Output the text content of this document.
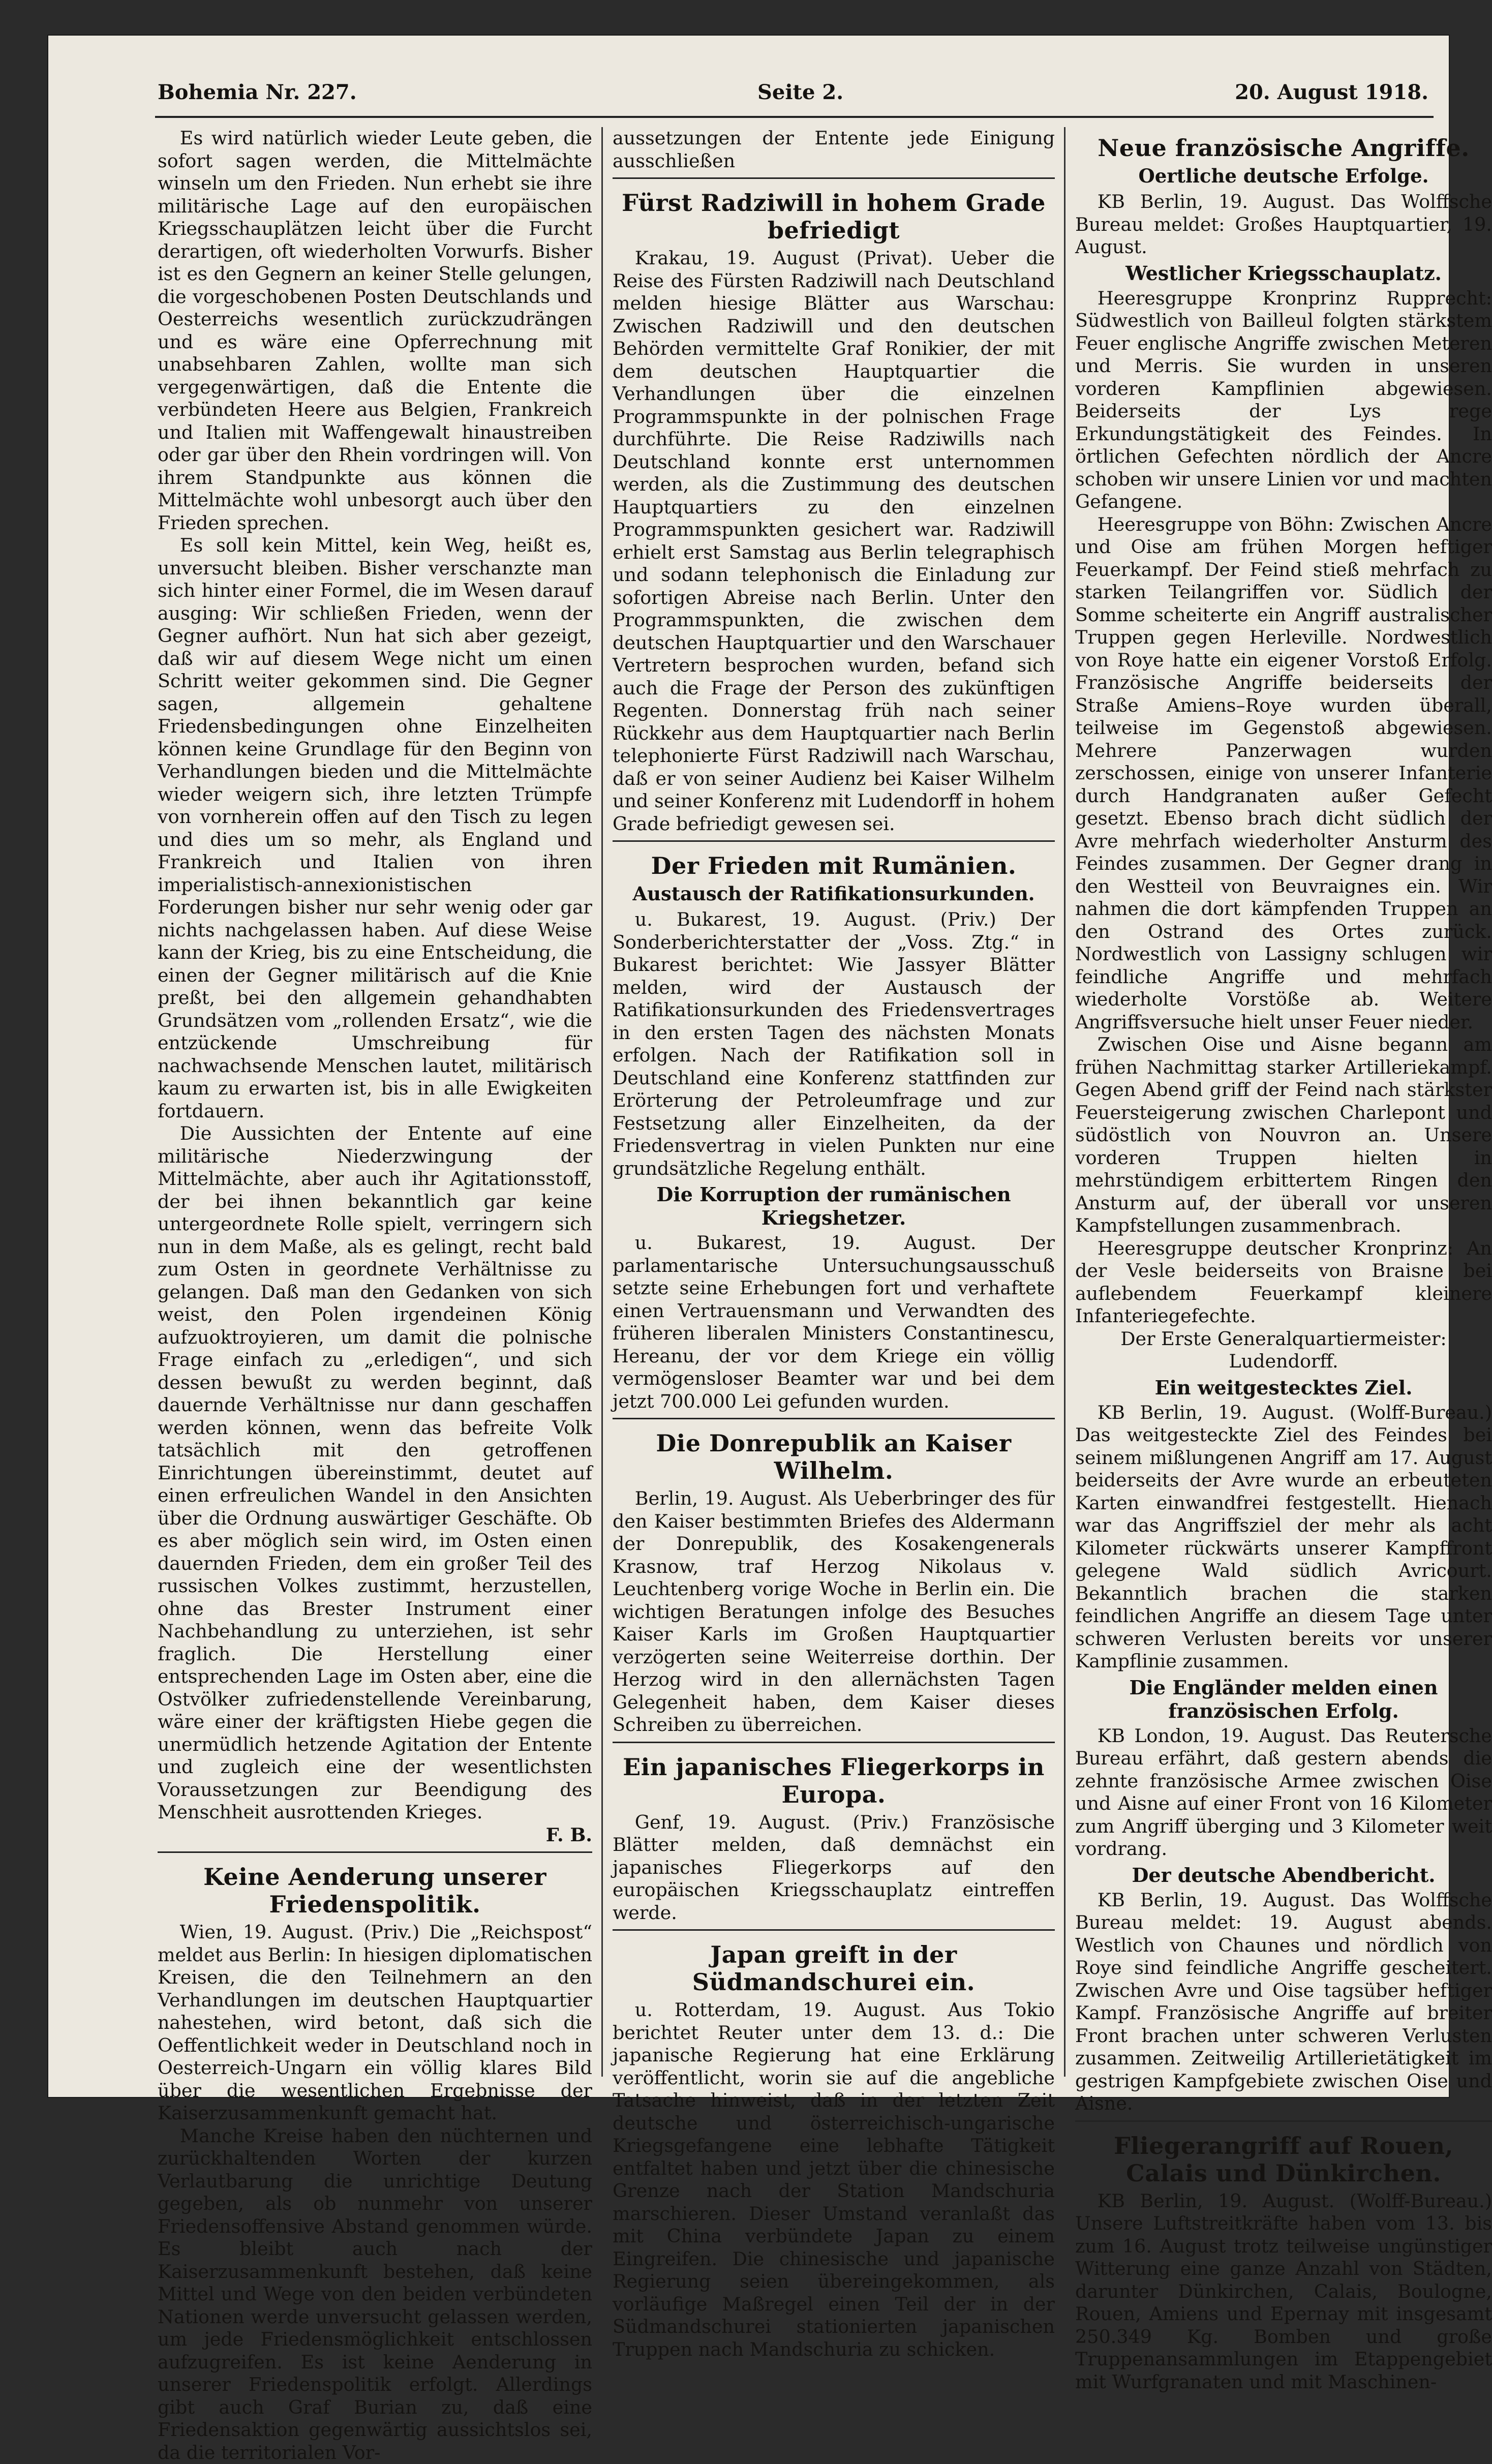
Bohemia Nr. 227.	Seite 2.	20. August 1918.

Es wird natürlich wieder Leute geben, die sofort sagen werden, die Mittelmächte winseln um den Frieden. Nun erhebt sie ihre militärische Lage auf den europäischen Kriegsschauplätzen leicht über die Furcht derartigen, oft wiederholten Vorwurfs. Bisher ist es den Gegnern an keiner Stelle gelungen, die vorgeschobenen Posten Deutschlands und Oesterreichs wesentlich zurückzudrängen und es wäre eine Opferrechnung mit unabsehbaren Zahlen, wollte man sich vergegenwärtigen, daß die Entente die verbündeten Heere aus Belgien, Frankreich und Italien mit Waffengewalt hinaustreiben oder gar über den Rhein vordringen will. Von ihrem Standpunkte aus können die Mittelmächte wohl unbesorgt auch über den Frieden sprechen.

Es soll kein Mittel, kein Weg, heißt es, unversucht bleiben. Bisher verschanzte man sich hinter einer Formel, die im Wesen darauf ausging: Wir schließen Frieden, wenn der Gegner aufhört. Nun hat sich aber gezeigt, daß wir auf diesem Wege nicht um einen Schritt weiter gekommen sind. Die Gegner sagen, allgemein gehaltene Friedensbedingungen ohne Einzelheiten können keine Grundlage für den Beginn von Verhandlungen bieden und die Mittelmächte wieder weigern sich, ihre letzten Trümpfe von vornherein offen auf den Tisch zu legen und dies um so mehr, als England und Frankreich und Italien von ihren imperialistisch-annexionistischen Forderungen bisher nur sehr wenig oder gar nichts nachgelassen haben. Auf diese Weise kann der Krieg, bis zu eine Entscheidung, die einen der Gegner militärisch auf die Knie preßt, bei den allgemein gehandhabten Grundsätzen vom „rollenden Ersatz“, wie die entzückende Umschreibung für nachwachsende Menschen lautet, militärisch kaum zu erwarten ist, bis in alle Ewigkeiten fortdauern.

Die Aussichten der Entente auf eine militärische Niederzwingung der Mittelmächte, aber auch ihr Agitationsstoff, der bei ihnen bekanntlich gar keine untergeordnete Rolle spielt, verringern sich nun in dem Maße, als es gelingt, recht bald zum Osten in geordnete Verhältnisse zu gelangen. Daß man den Gedanken von sich weist, den Polen irgendeinen König aufzuoktroyieren, um damit die polnische Frage einfach zu „erledigen“, und sich dessen bewußt zu werden beginnt, daß dauernde Verhältnisse nur dann geschaffen werden können, wenn das befreite Volk tatsächlich mit den getroffenen Einrichtungen übereinstimmt, deutet auf einen erfreulichen Wandel in den Ansichten über die Ordnung auswärtiger Geschäfte. Ob es aber möglich sein wird, im Osten einen dauernden Frieden, dem ein großer Teil des russischen Volkes zustimmt, herzustellen, ohne das Brester Instrument einer Nachbehandlung zu unterziehen, ist sehr fraglich. Die Herstellung einer entsprechenden Lage im Osten aber, eine die Ostvölker zufriedenstellende Vereinbarung, wäre einer der kräftigsten Hiebe gegen die unermüdlich hetzende Agitation der Entente und zugleich eine der wesentlichsten Voraussetzungen zur Beendigung des Menschheit ausrottenden Krieges.

F. B.

Keine Aenderung unserer Friedenspolitik.

Wien, 19. August. (Priv.) Die „Reichspost“ meldet aus Berlin: In hiesigen diplomatischen Kreisen, die den Teilnehmern an den Verhandlungen im deutschen Hauptquartier nahestehen, wird betont, daß sich die Oeffentlichkeit weder in Deutschland noch in Oesterreich-Ungarn ein völlig klares Bild über die wesentlichen Ergebnisse der Kaiserzusammenkunft gemacht hat.

Manche Kreise haben den nüchternen und zurückhaltenden Worten der kurzen Verlautbarung die unrichtige Deutung gegeben, als ob nunmehr von unserer Friedensoffensive Abstand genommen würde. Es bleibt auch nach der Kaiserzusammenkunft bestehen, daß keine Mittel und Wege von den beiden verbündeten Nationen werde unversucht gelassen werden, um jede Friedensmöglichkeit entschlossen aufzugreifen. Es ist keine Aenderung in unserer Friedenspolitik erfolgt. Allerdings gibt auch Graf Burian zu, daß eine Friedensaktion gegenwärtig aussichtslos sei, da die territorialen Vor-

aussetzungen der Entente jede Einigung ausschließen

Fürst Radziwill in hohem Grade befriedigt

Krakau, 19. August (Privat). Ueber die Reise des Fürsten Radziwill nach Deutschland melden hiesige Blätter aus Warschau: Zwischen Radziwill und den deutschen Behörden vermittelte Graf Ronikier, der mit dem deutschen Hauptquartier die Verhandlungen über die einzelnen Programmspunkte in der polnischen Frage durchführte. Die Reise Radziwills nach Deutschland konnte erst unternommen werden, als die Zustimmung des deutschen Hauptquartiers zu den einzelnen Programmspunkten gesichert war. Radziwill erhielt erst Samstag aus Berlin telegraphisch und sodann telephonisch die Einladung zur sofortigen Abreise nach Berlin. Unter den Programmspunkten, die zwischen dem deutschen Hauptquartier und den Warschauer Vertretern besprochen wurden, befand sich auch die Frage der Person des zukünftigen Regenten. Donnerstag früh nach seiner Rückkehr aus dem Hauptquartier nach Berlin telephonierte Fürst Radziwill nach Warschau, daß er von seiner Audienz bei Kaiser Wilhelm und seiner Konferenz mit Ludendorff in hohem Grade befriedigt gewesen sei.

Der Frieden mit Rumänien.
Austausch der Ratifikationsurkunden.

u. Bukarest, 19. August. (Priv.) Der Sonderberichterstatter der „Voss. Ztg.“ in Bukarest berichtet: Wie Jassyer Blätter melden, wird der Austausch der Ratifikationsurkunden des Friedensvertrages in den ersten Tagen des nächsten Monats erfolgen. Nach der Ratifikation soll in Deutschland eine Konferenz stattfinden zur Erörterung der Petroleumfrage und zur Festsetzung aller Einzelheiten, da der Friedensvertrag in vielen Punkten nur eine grundsätzliche Regelung enthält.

Die Korruption der rumänischen Kriegshetzer.

u. Bukarest, 19. August. Der parlamentarische Untersuchungsausschuß setzte seine Erhebungen fort und verhaftete einen Vertrauensmann und Verwandten des früheren liberalen Ministers Constantinescu, Hereanu, der vor dem Kriege ein völlig vermögensloser Beamter war und bei dem jetzt 700.000 Lei gefunden wurden.

Die Donrepublik an Kaiser Wilhelm.

Berlin, 19. August. Als Ueberbringer des für den Kaiser bestimmten Briefes des Aldermann der Donrepublik, des Kosakengenerals Krasnow, traf Herzog Nikolaus v. Leuchtenberg vorige Woche in Berlin ein. Die wichtigen Beratungen infolge des Besuches Kaiser Karls im Großen Hauptquartier verzögerten seine Weiterreise dorthin. Der Herzog wird in den allernächsten Tagen Gelegenheit haben, dem Kaiser dieses Schreiben zu überreichen.

Ein japanisches Fliegerkorps in Europa.

Genf, 19. August. (Priv.) Französische Blätter melden, daß demnächst ein japanisches Fliegerkorps auf den europäischen Kriegsschauplatz eintreffen werde.

Japan greift in der Südmandschurei ein.

u. Rotterdam, 19. August. Aus Tokio berichtet Reuter unter dem 13. d.: Die japanische Regierung hat eine Erklärung veröffentlicht, worin sie auf die angebliche Tatsache hinweist, daß in der letzten Zeit deutsche und österreichisch-ungarische Kriegsgefangene eine lebhafte Tätigkeit entfaltet haben und jetzt über die chinesische Grenze nach der Station Mandschuria marschieren. Dieser Umstand veranlaßt das mit China verbündete Japan zu einem Eingreifen. Die chinesische und japanische Regierung seien übereingekommen, als vorläufige Maßregel einen Teil der in der Südmandschurei stationierten japanischen Truppen nach Mandschuria zu schicken.

Neue französische Angriffe.
Oertliche deutsche Erfolge.

KB Berlin, 19. August. Das Wolffsche Bureau meldet: Großes Hauptquartier, 19. August.

Westlicher Kriegsschauplatz.

Heeresgruppe Kronprinz Rupprecht: Südwestlich von Bailleul folgten stärkstem Feuer englische Angriffe zwischen Meteren und Merris. Sie wurden in unseren vorderen Kampflinien abgewiesen. Beiderseits der Lys rege Erkundungstätigkeit des Feindes. In örtlichen Gefechten nördlich der Ancre schoben wir unsere Linien vor und machten Gefangene.

Heeresgruppe von Böhn: Zwischen Ancre und Oise am frühen Morgen heftiger Feuerkampf. Der Feind stieß mehrfach zu starken Teilangriffen vor. Südlich der Somme scheiterte ein Angriff australischer Truppen gegen Herleville. Nordwestlich von Roye hatte ein eigener Vorstoß Erfolg. Französische Angriffe beiderseits der Straße Amiens–Roye wurden überall, teilweise im Gegenstoß abgewiesen. Mehrere Panzerwagen wurden zerschossen, einige von unserer Infanterie durch Handgranaten außer Gefecht gesetzt. Ebenso brach dicht südlich der Avre mehrfach wiederholter Ansturm des Feindes zusammen. Der Gegner drang in den Westteil von Beuvraignes ein. Wir nahmen die dort kämpfenden Truppen an den Ostrand des Ortes zurück. Nordwestlich von Lassigny schlugen wir feindliche Angriffe und mehrfach wiederholte Vorstöße ab. Weitere Angriffsversuche hielt unser Feuer nieder.

Zwischen Oise und Aisne begann am frühen Nachmittag starker Artilleriekampf. Gegen Abend griff der Feind nach stärkster Feuersteigerung zwischen Charlepont und südöstlich von Nouvron an. Unsere vorderen Truppen hielten in mehrstündigem erbittertem Ringen den Ansturm auf, der überall vor unseren Kampfstellungen zusammenbrach.

Heeresgruppe deutscher Kronprinz: An der Vesle beiderseits von Braisne bei auflebendem Feuerkampf kleinere Infanteriegefechte.

Der Erste Generalquartiermeister:

Ludendorff.

Ein weitgestecktes Ziel.

KB Berlin, 19. August. (Wolff-Bureau.) Das weitgesteckte Ziel des Feindes bei seinem mißlungenen Angriff am 17. August beiderseits der Avre wurde an erbeuteten Karten einwandfrei festgestellt. Hienach war das Angriffsziel der mehr als acht Kilometer rückwärts unserer Kampffront gelegene Wald südlich Avricourt. Bekanntlich brachen die starken feindlichen Angriffe an diesem Tage unter schweren Verlusten bereits vor unserer Kampflinie zusammen.

Die Engländer melden einen französischen Erfolg.

KB London, 19. August. Das Reutersche Bureau erfährt, daß gestern abends die zehnte französische Armee zwischen Oise und Aisne auf einer Front von 16 Kilometer zum Angriff überging und 3 Kilometer weit vordrang.

Der deutsche Abendbericht.

KB Berlin, 19. August. Das Wolffsche Bureau meldet: 19. August abends. Westlich von Chaunes und nördlich von Roye sind feindliche Angriffe gescheitert. Zwischen Avre und Oise tagsüber heftiger Kampf. Französische Angriffe auf breiter Front brachen unter schweren Verlusten zusammen. Zeitweilig Artillerietätigkeit im gestrigen Kampfgebiete zwischen Oise und Aisne.

Fliegerangriff auf Rouen, Calais und Dünkirchen.

KB Berlin, 19. August. (Wolff-Bureau.) Unsere Luftstreitkräfte haben vom 13. bis zum 16. August trotz teilweise ungünstiger Witterung eine ganze Anzahl von Städten, darunter Dünkirchen, Calais, Boulogne, Rouen, Amiens und Epernay mit insgesamt 250.349 Kg. Bomben und große Truppenansammlungen im Etappengebiet mit Wurfgranaten und mit Maschinen-
